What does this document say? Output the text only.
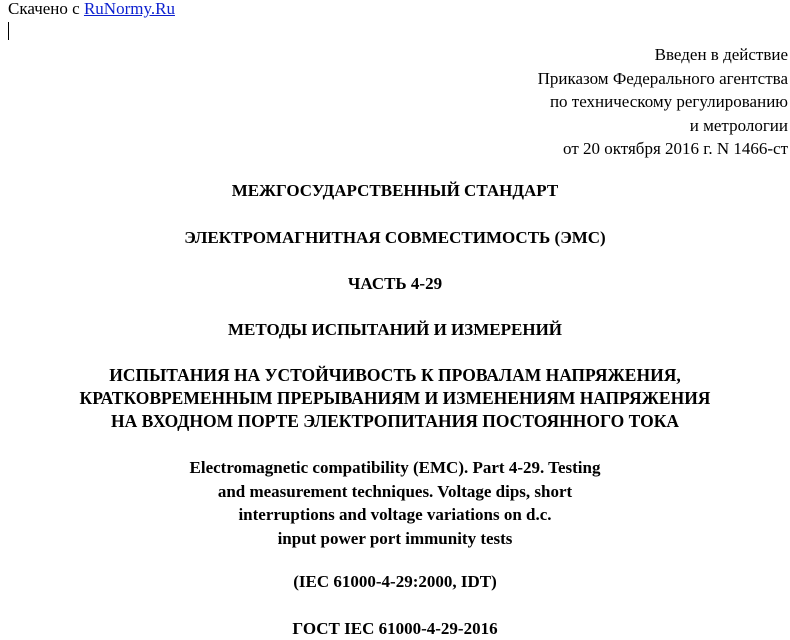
Скачено с RuNormy.Ru
Введен в действие
Приказом Федерального агентства
по техническому регулированию
и метрологии
от 20 октября 2016 г. N 1466-ст
МЕЖГОСУДАРСТВЕННЫЙ СТАНДАРТ
ЭЛЕКТРОМАГНИТНАЯ СОВМЕСТИМОСТЬ (ЭМС)
ЧАСТЬ 4-29
МЕТОДЫ ИСПЫТАНИЙ И ИЗМЕРЕНИЙ
ИСПЫТАНИЯ НА УСТОЙЧИВОСТЬ К ПРОВАЛАМ НАПРЯЖЕНИЯ,
КРАТКОВРЕМЕННЫМ ПРЕРЫВАНИЯМ И ИЗМЕНЕНИЯМ НАПРЯЖЕНИЯ
НА ВХОДНОМ ПОРТЕ ЭЛЕКТРОПИТАНИЯ ПОСТОЯННОГО ТОКА
Electromagnetic compatibility (EMC). Part 4-29. Testing
and measurement techniques. Voltage dips, short
interruptions and voltage variations on d.c.
input power port immunity tests
(IEC 61000-4-29:2000, IDT)
ГОСТ IEC 61000-4-29-2016
